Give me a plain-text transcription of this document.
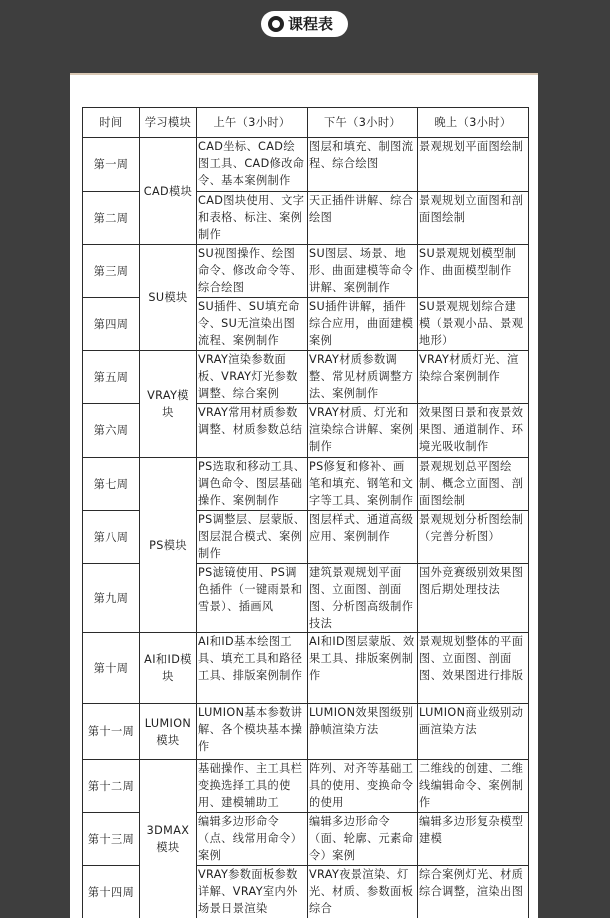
课程表
时间	学习模块	上午（3小时）	下午（3小时）	晚上（3小时）
第一周	CAD模块	CAD坐标、CAD绘图工具、CAD修改命令、基本案例制作	图层和填充、制图流程、综合绘图	景观规划平面图绘制
第二周		CAD图块使用、文字和表格、标注、案例制作	天正插件讲解、综合绘图	景观规划立面图和剖面图绘制
第三周	SU模块	SU视图操作、绘图命令、修改命令等、综合绘图	SU图层、场景、地形、曲面建模等命令讲解、案例制作	SU景观规划模型制作、曲面模型制作
第四周		SU插件、SU填充命令、SU无渲染出图流程、案例制作	SU插件讲解，插件综合应用，曲面建模案例	SU景观规划综合建模（景观小品、景观地形）
第五周	VRAY模块	VRAY渲染参数面板、VRAY灯光参数调整、综合案例	VRAY材质参数调整、常见材质调整方法、案例制作	VRAY材质灯光、渲染综合案例制作
第六周		VRAY常用材质参数调整、材质参数总结	VRAY材质、灯光和渲染综合讲解、案例制作	效果图日景和夜景效果图、通道制作、环境光吸收制作
第七周	PS模块	PS选取和移动工具、调色命令、图层基础操作、案例制作	PS修复和修补、画笔和填充、钢笔和文字等工具、案例制作	景观规划总平图绘制、概念立面图、剖面图绘制
第八周		PS调整层、层蒙版、图层混合模式、案例制作	图层样式、通道高级应用、案例制作	景观规划分析图绘制（完善分析图）
第九周		PS滤镜使用、PS调色插件（一键雨景和雪景）、插画风	建筑景观规划平面图、立面图、剖面图、分析图高级制作技法	国外竞赛级别效果图图后期处理技法
第十周	AI和ID模块	AI和ID基本绘图工具、填充工具和路径工具、排版案例制作	AI和ID图层蒙版、效果工具、排版案例制作	景观规划整体的平面图、立面图、剖面图、效果图进行排版
第十一周	LUMION模块	LUMION基本参数讲解、各个模块基本操作	LUMION效果图级别静帧渲染方法	LUMION商业级别动画渲染方法
第十二周	3DMAX模块	基础操作、主工具栏变换选择工具的使用、建模辅助工	阵列、对齐等基础工具的使用、变换命令的使用	二维线的创建、二维线编辑命令、案例制作
第十三周		编辑多边形命令（点、线常用命令）案例	编辑多边形命令（面、轮廓、元素命令）案例	编辑多边形复杂模型建模
第十四周		VRAY参数面板参数详解、VRAY室内外场景日景渲染	VRAY夜景渲染、灯光、材质、参数面板综合	综合案例灯光、材质综合调整，渲染出图
